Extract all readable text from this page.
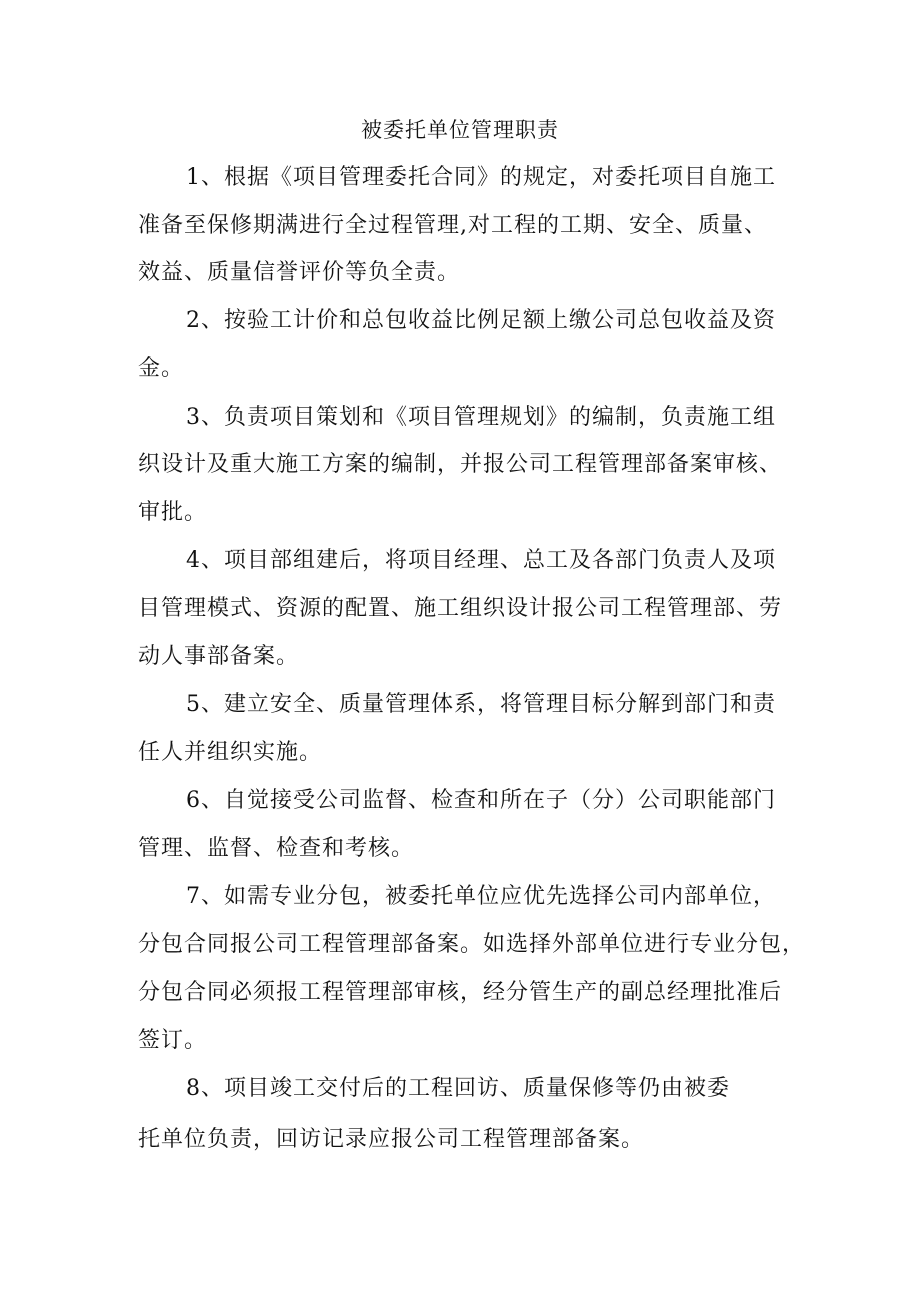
被委托单位管理职责
1、根据《项目管理委托合同》的规定，对委托项目自施工
准备至保修期满进行全过程管理,对工程的工期、安全、质量、
效益、质量信誉评价等负全责。
2、按验工计价和总包收益比例足额上缴公司总包收益及资
金。
3、负责项目策划和《项目管理规划》的编制，负责施工组
织设计及重大施工方案的编制，并报公司工程管理部备案审核、
审批。
4、项目部组建后，将项目经理、总工及各部门负责人及项
目管理模式、资源的配置、施工组织设计报公司工程管理部、劳
动人事部备案。
5、建立安全、质量管理体系，将管理目标分解到部门和责
任人并组织实施。
6、自觉接受公司监督、检查和所在子（分）公司职能部门
管理、监督、检查和考核。
7、如需专业分包，被委托单位应优先选择公司内部单位，
分包合同报公司工程管理部备案。如选择外部单位进行专业分包，
分包合同必须报工程管理部审核，经分管生产的副总经理批准后
签订。
8、项目竣工交付后的工程回访、质量保修等仍由被委
托单位负责，回访记录应报公司工程管理部备案。
